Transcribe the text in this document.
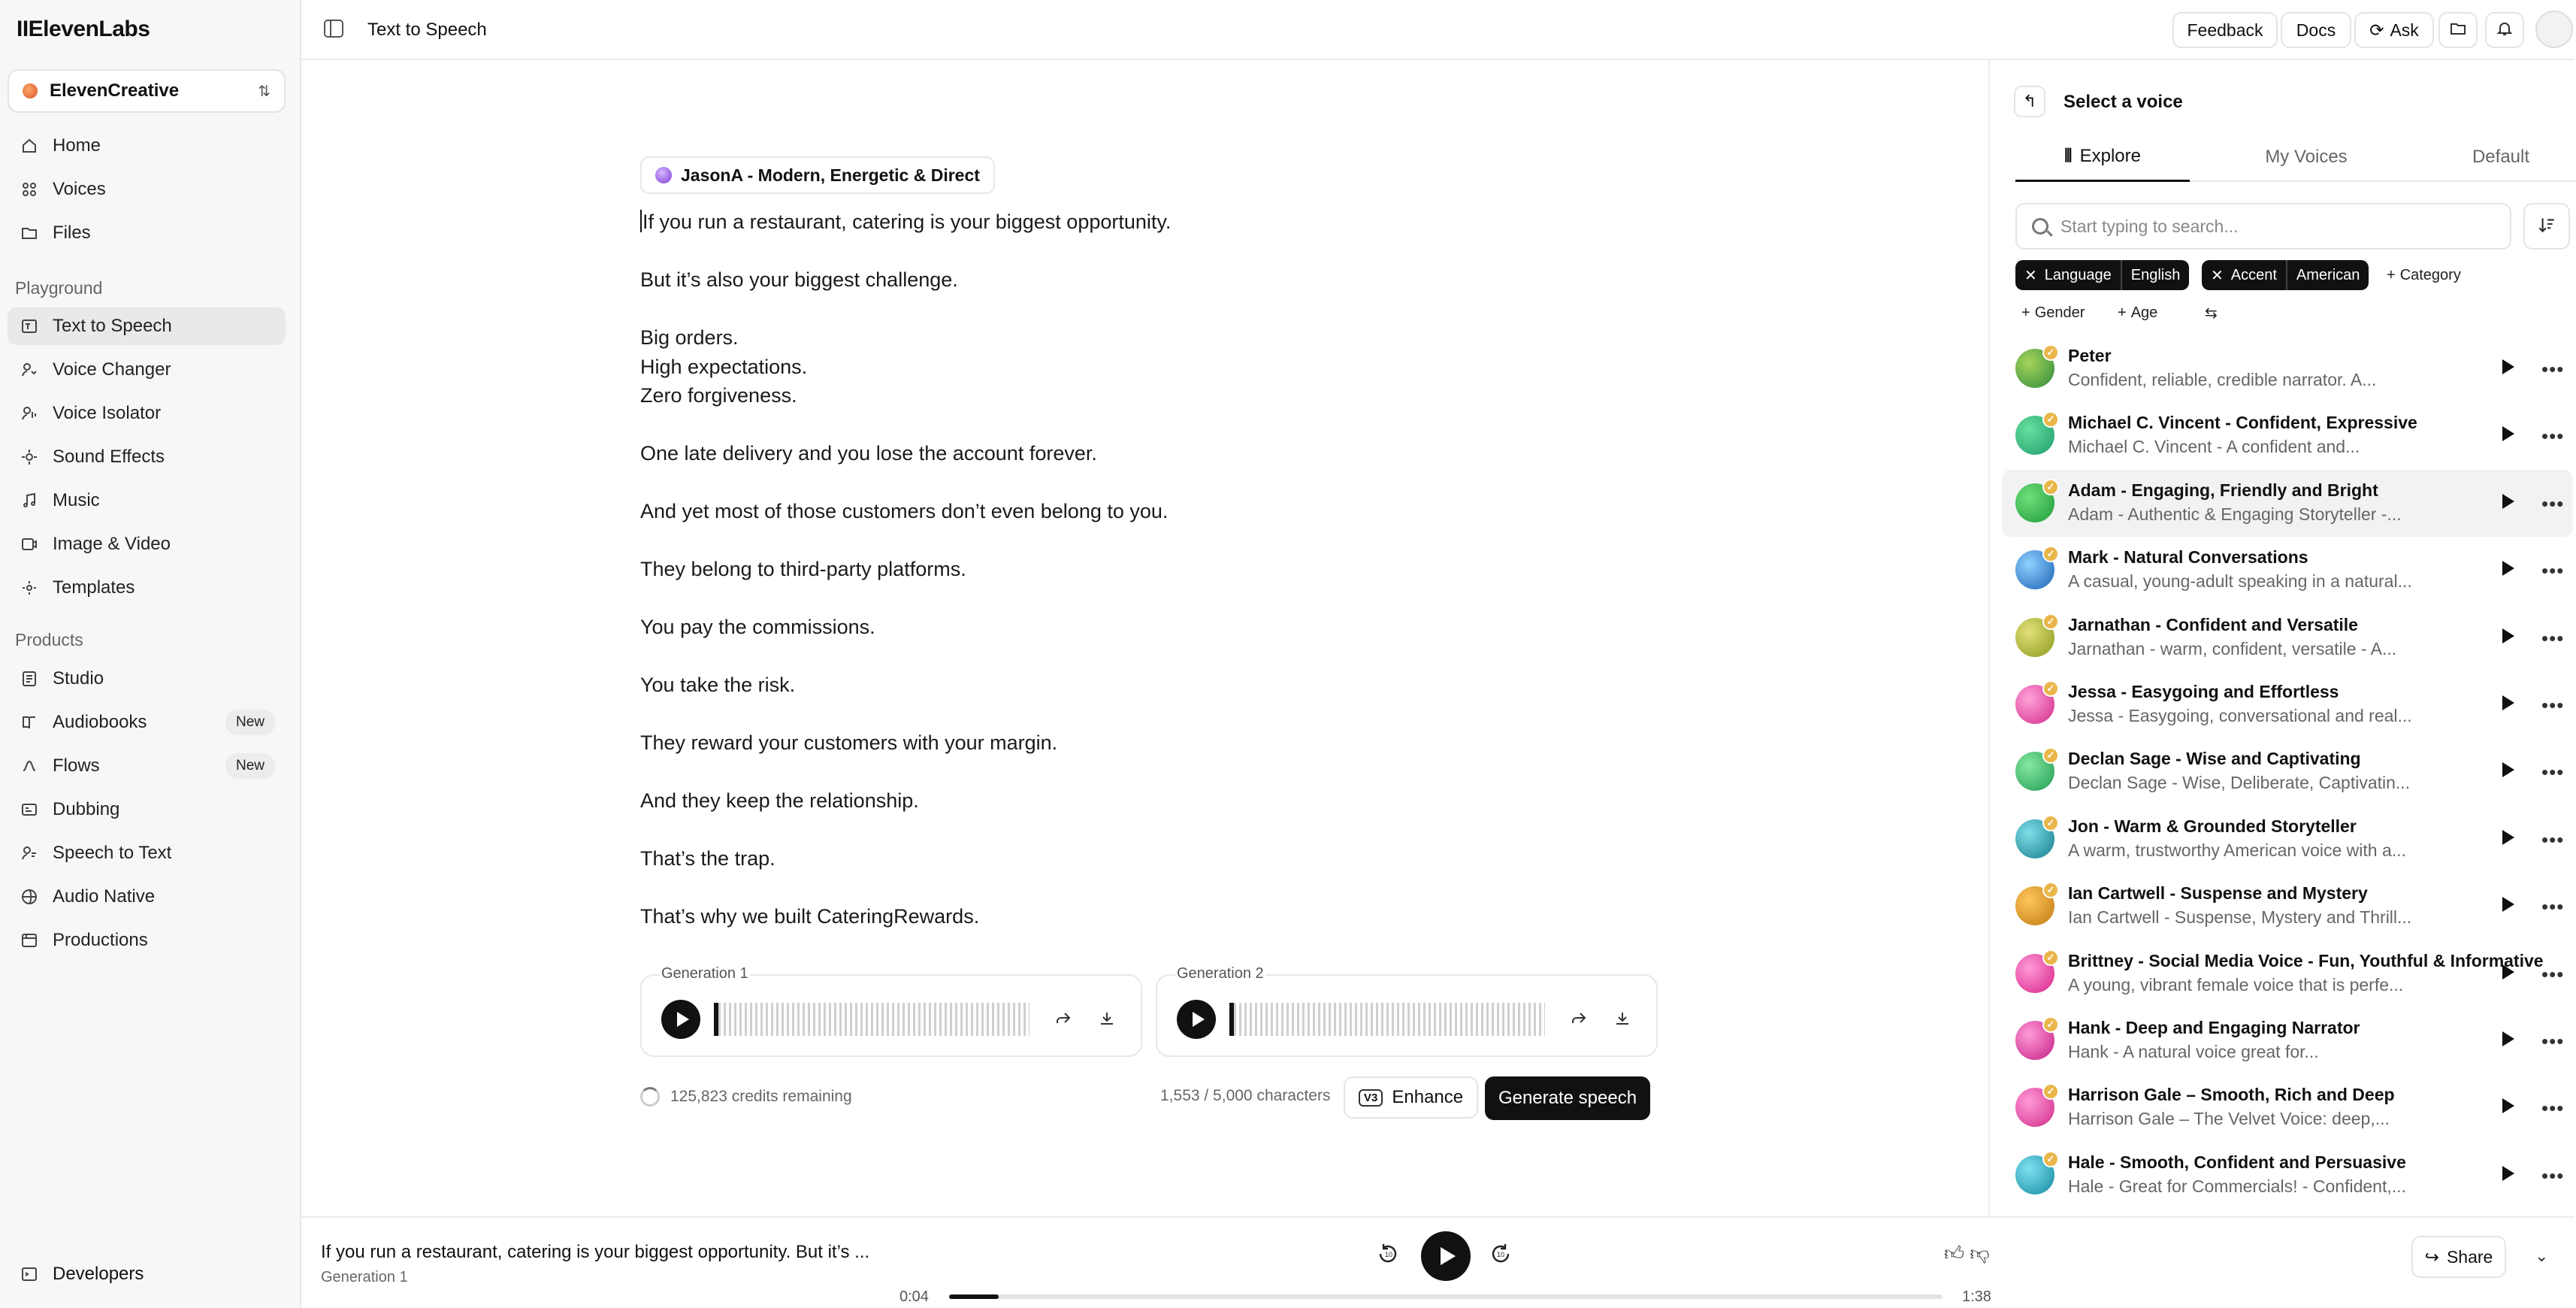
IIElevenLabs
ElevenCreative	⇅
Home
Voices
Files
Playground
Text to Speech
Voice Changer
Voice Isolator
Sound Effects
Music
Image & Video
Templates
Products
Studio
Audiobooks	New
Flows	New
Dubbing
Speech to Text
Audio Native
Productions
Developers
Text to Speech	Feedback	Docs	⟳ Ask
JasonA - Modern, Energetic & Direct

If you run a restaurant, catering is your biggest opportunity.

But it’s also your biggest challenge.

Big orders.

High expectations.

Zero forgiveness.

One late delivery and you lose the account forever.

And yet most of those customers don’t even belong to you.

They belong to third-party platforms.

You pay the commissions.

You take the risk.

They reward your customers with your margin.

And they keep the relationship.

That’s the trap.

That’s why we built CateringRewards.

Generation 1	Generation 2
125,823 credits remaining	1,553 / 5,000 characters	V3 Enhance	Generate speech
↰	Select a voice
⦀ Explore	My Voices	Default
Start typing to search...
✕ Language English ✕ Accent American + Category
+ Gender + Age	⇆
✓ Peter
Confident, reliable, credible narrator. A...	•••
✓ Michael C. Vincent - Confident, Expressive
Michael C. Vincent - A confident and...	•••
✓ Adam - Engaging, Friendly and Bright
Adam - Authentic & Engaging Storyteller -...	•••
✓ Mark - Natural Conversations
A casual, young-adult speaking in a natural...	•••
✓ Jarnathan - Confident and Versatile
Jarnathan - warm, confident, versatile - A...	•••
✓ Jessa - Easygoing and Effortless
Jessa - Easygoing, conversational and real...	•••
✓ Declan Sage - Wise and Captivating
Declan Sage - Wise, Deliberate, Captivatin...	•••
✓ Jon - Warm & Grounded Storyteller
A warm, trustworthy American voice with a...	•••
✓ Ian Cartwell - Suspense and Mystery
Ian Cartwell - Suspense, Mystery and Thrill...	•••
✓ Brittney - Social Media Voice - Fun, Youthful & Informative
A young, vibrant female voice that is perfe...	•••
✓ Hank - Deep and Engaging Narrator
Hank - A natural voice great for...	•••
✓ Harrison Gale – Smooth, Rich and Deep
Harrison Gale – The Velvet Voice: deep,...	•••
✓ Hale - Smooth, Confident and Persuasive
Hale - Great for Commercials! - Confident,...	•••
If you run a restaurant, catering is your biggest opportunity. But it’s ...
Generation 1
10	10
0:04	1:38
👍︎ 👎︎	↪ Share	⌄
